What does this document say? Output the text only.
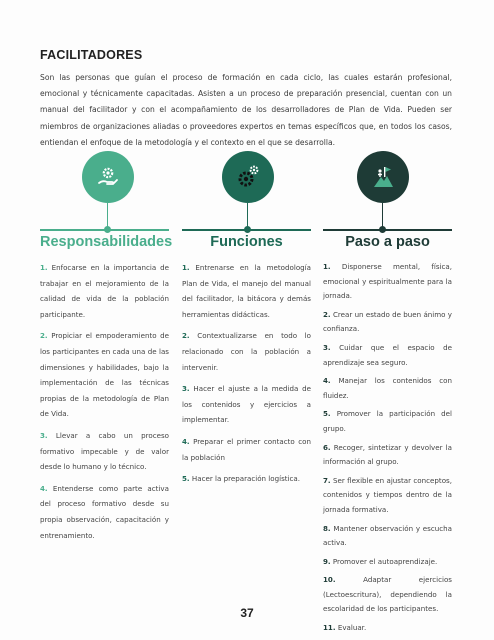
FACILITADORES
Son las personas que guían el proceso de formación en cada ciclo, las cuales estarán profesional, emocional y técnicamente capacitadas. Asisten a un proceso de preparación presencial, cuentan con un manual del facilitador y con el acompañamiento de los desarrolladores de Plan de Vida. Pueden ser miembros de organizaciones aliadas o proveedores expertos en temas específicos que, en todos los casos, entiendan el enfoque de la metodología y el contexto en el que se desarrolla.
Responsabilidades	Funciones	Paso a paso

1. Enfocarse en la importancia de trabajar en el mejoramiento de la calidad de vida de la población participante.

2. Propiciar el empoderamiento de los participantes en cada una de las dimensiones y habilidades, bajo la implementación de las técnicas propias de la metodología de Plan de Vida.

3. Llevar a cabo un proceso formativo impecable y de valor desde lo humano y lo técnico.

4. Entenderse como parte activa del proceso formativo desde su propia observación, capacitación y entrenamiento.

1. Entrenarse en la metodología Plan de Vida, el manejo del manual del facilitador, la bitácora y demás herramientas didácticas.

2. Contextualizarse en todo lo relacionado con la población a intervenir.

3. Hacer el ajuste a la medida de los contenidos y ejercicios a implementar.

4. Preparar el primer contacto con la población

5. Hacer la preparación logística.

1. Disponerse mental, física, emocional y espiritualmente para la jornada.

2. Crear un estado de buen ánimo y confianza.

3. Cuidar que el espacio de aprendizaje sea seguro.

4. Manejar los contenidos con fluidez.

5. Promover la participación del grupo.

6. Recoger, sintetizar y devolver la información al grupo.

7. Ser flexible en ajustar conceptos, contenidos y tiempos dentro de la jornada formativa.

8. Mantener observación y escucha activa.

9. Promover el autoaprendizaje.

10.	Adaptar ejercicios (Lectoescritura), dependiendo la escolaridad de los participantes.

11. Evaluar.

37
